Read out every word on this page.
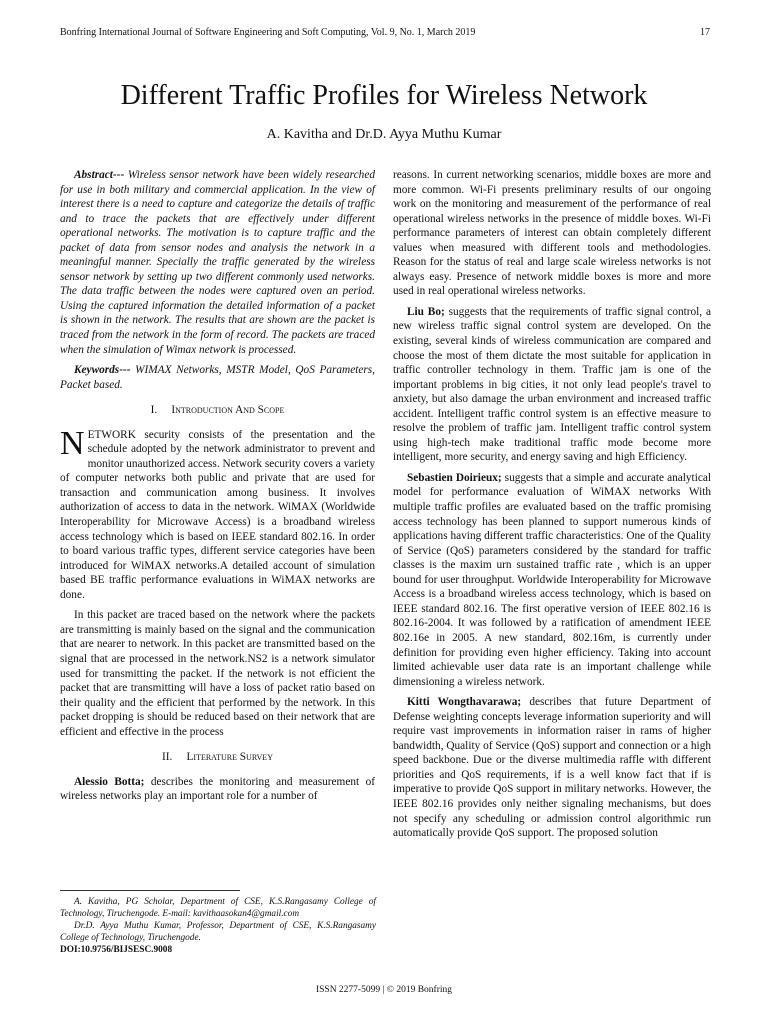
Bonfring International Journal of Software Engineering and Soft Computing, Vol. 9, No. 1, March 2019	17
Different Traffic Profiles for Wireless Network
A. Kavitha and Dr.D. Ayya Muthu Kumar

Abstract--- Wireless sensor network have been widely researched for use in both military and commercial application. In the view of interest there is a need to capture and categorize the details of traffic and to trace the packets that are effectively under different operational networks. The motivation is to capture traffic and the packet of data from sensor nodes and analysis the network in a meaningful manner. Specially the traffic generated by the wireless sensor network by setting up two different commonly used networks. The data traffic between the nodes were captured oven an period. Using the captured information the detailed information of a packet is shown in the network. The results that are shown are the packet is traced from the network in the form of record. The packets are traced when the simulation of Wimax network is processed.

Keywords--- WIMAX Networks, MSTR Model, QoS Parameters, Packet based.

I. Introduction And Scope

NETWORK security consists of the presentation and the schedule adopted by the network administrator to prevent and monitor unauthorized access. Network security covers a variety of computer networks both public and private that are used for transaction and communication among business. It involves authorization of access to data in the network. WiMAX (Worldwide Interoperability for Microwave Access) is a broadband wireless access technology which is based on IEEE standard 802.16. In order to board various traffic types, different service categories have been introduced for WiMAX networks.A detailed account of simulation based BE traffic performance evaluations in WiMAX networks are done.

In this packet are traced based on the network where the packets are transmitting is mainly based on the signal and the communication that are nearer to network. In this packet are transmitted based on the signal that are processed in the network.NS2 is a network simulator used for transmitting the packet. If the network is not efficient the packet that are transmitting will have a loss of packet ratio based on their quality and the efficient that performed by the network. In this packet dropping is should be reduced based on their network that are efficient and effective in the process

II. Literature Survey

Alessio Botta; describes the monitoring and measurement of wireless networks play an important role for a number of

reasons. In current networking scenarios, middle boxes are more and more common. Wi-Fi presents preliminary results of our ongoing work on the monitoring and measurement of the performance of real operational wireless networks in the presence of middle boxes. Wi-Fi performance parameters of interest can obtain completely different values when measured with different tools and methodologies. Reason for the status of real and large scale wireless networks is not always easy. Presence of network middle boxes is more and more used in real operational wireless networks.

Liu Bo; suggests that the requirements of traffic signal control, a new wireless traffic signal control system are developed. On the existing, several kinds of wireless communication are compared and choose the most of them dictate the most suitable for application in traffic controller technology in them. Traffic jam is one of the important problems in big cities, it not only lead people's travel to anxiety, but also damage the urban environment and increased traffic accident. Intelligent traffic control system is an effective measure to resolve the problem of traffic jam. Intelligent traffic control system using high-tech make traditional traffic mode become more intelligent, more security, and energy saving and high Efficiency.

Sebastien Doirieux; suggests that a simple and accurate analytical model for performance evaluation of WiMAX networks With multiple traffic profiles are evaluated based on the traffic promising access technology has been planned to support numerous kinds of applications having different traffic characteristics. One of the Quality of Service (QoS) parameters considered by the standard for traffic classes is the maxim urn sustained traffic rate , which is an upper bound for user throughput. Worldwide Interoperability for Microwave Access is a broadband wireless access technology, which is based on IEEE standard 802.16. The first operative version of IEEE 802.16 is 802.16-2004. It was followed by a ratification of amendment IEEE 802.16e in 2005. A new standard, 802.16m, is currently under definition for providing even higher efficiency. Taking into account limited achievable user data rate is an important challenge while dimensioning a wireless network.

Kitti Wongthavarawa; describes that future Department of Defense weighting concepts leverage information superiority and will require vast improvements in information raiser in rams of higher bandwidth, Quality of Service (QoS) support and connection or a high speed backbone. Due or the diverse multimedia raffle with different priorities and QoS requirements, if is a well know fact that if is imperative to provide QoS support in military networks. However, the IEEE 802.16 provides only neither signaling mechanisms, but does not specify any scheduling or admission control algorithmic run automatically provide QoS support. The proposed solution

A. Kavitha, PG Scholar, Department of CSE, K.S.Rangasamy College of Technology, Tiruchengode. E-mail: kavithaasokan4@gmail.com
Dr.D. Ayya Muthu Kumar, Professor, Department of CSE, K.S.Rangasamy College of Technology, Tiruchengode.
DOI:10.9756/BIJSESC.9008
ISSN 2277-5099 | © 2019 Bonfring
